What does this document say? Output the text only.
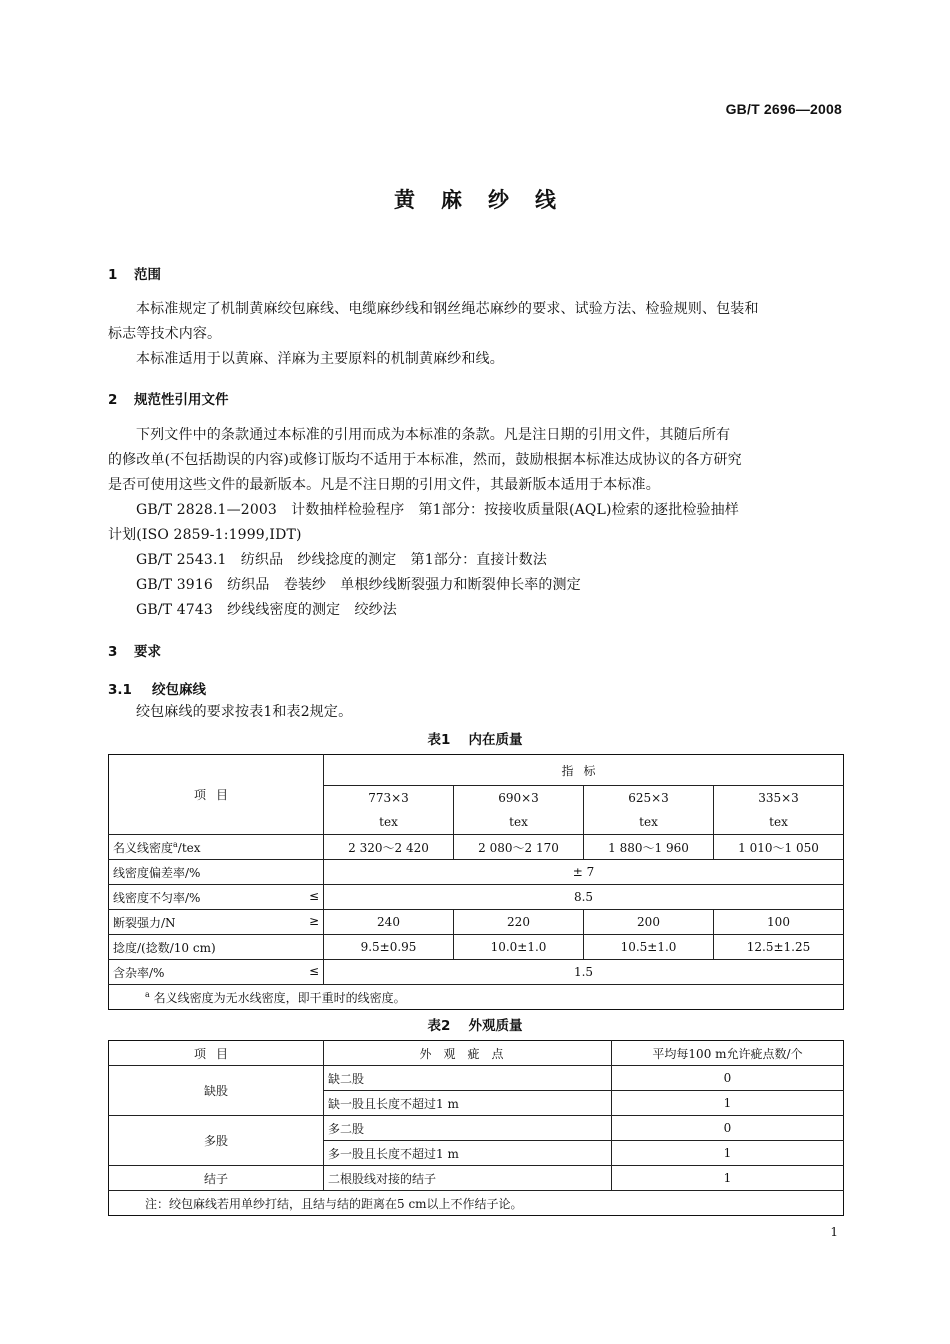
GB/T 2696—2008
黄麻纱线
1 范围
本标准规定了机制黄麻绞包麻线、电缆麻纱线和钢丝绳芯麻纱的要求、试验方法、检验规则、包装和
标志等技术内容。
本标准适用于以黄麻、洋麻为主要原料的机制黄麻纱和线。
2 规范性引用文件
下列文件中的条款通过本标准的引用而成为本标准的条款。凡是注日期的引用文件，其随后所有
的修改单(不包括勘误的内容)或修订版均不适用于本标准，然而，鼓励根据本标准达成协议的各方研究
是否可使用这些文件的最新版本。凡是不注日期的引用文件，其最新版本适用于本标准。
GB/T 2828.1—2003　计数抽样检验程序　第1部分：按接收质量限(AQL)检索的逐批检验抽样
计划(ISO 2859-1:1999,IDT)
GB/T 2543.1　纺织品　纱线捻度的测定　第1部分：直接计数法
GB/T 3916　纺织品　卷装纱　单根纱线断裂强力和断裂伸长率的测定
GB/T 4743　纱线线密度的测定　绞纱法
3 要求
3.1 绞包麻线
绞包麻线的要求按表1和表2规定。
表1 内在质量
项目	指标			
	773×3	690×3	625×3	335×3
	tex	tex	tex	tex
名义线密度$^a$/tex	2 320～2 420	2 080～2 170	1 880～1 960	1 010～1 050
线密度偏差率/%	± 7			

线密度不匀率/% ≤	8.5			

断裂强力/N ≥	240	220	200	100
捻度/(捻数/10 cm)	9.5±0.95	10.0±1.0	10.5±1.0	12.5±1.25

含杂率/% ≤	1.5			
$^a$ 名义线密度为无水线密度，即干重时的线密度。				
表2 外观质量
项目	外观疵点	平均每100 m允许疵点数/个
缺股	缺二股	0
	缺一股且长度不超过1 m	1
多股	多二股	0
	多一股且长度不超过1 m	1
结子	二根股线对接的结子	1
注：绞包麻线若用单纱打结，且结与结的距离在5 cm以上不作结子论。		
1
